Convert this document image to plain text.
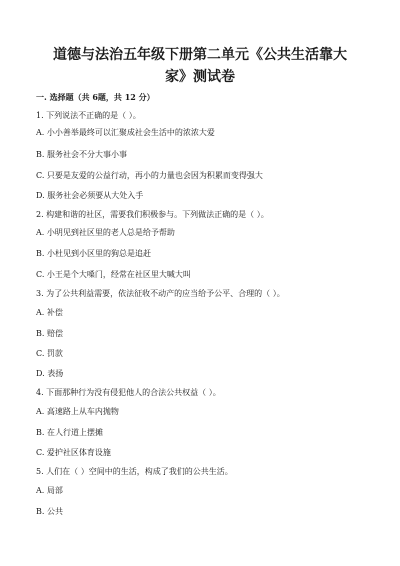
道德与法治五年级下册第二单元《公共生活靠大
家》测试卷
一. 选择题（共 6题，共 12 分）
1. 下列说法不正确的是（ ）。
A. 小小善举最终可以汇聚成社会生活中的浓浓大爱
B. 服务社会不分大事小事
C. 只要是友爱的公益行动，再小的力量也会因为积累而变得强大
D. 服务社会必须要从大处入手
2. 构建和谐的社区，需要我们积极参与。下列做法正确的是（ ）。
A. 小明见到社区里的老人总是给予帮助
B. 小杜见到小区里的狗总是追赶
C. 小王是个大嗓门，经常在社区里大喊大叫
3. 为了公共利益需要，依法征收不动产的应当给予公平、合理的（ ）。
A. 补偿
B. 赔偿
C. 罚款
D. 表扬
4. 下面那种行为没有侵犯他人的合法公共权益（ ）。
A. 高速路上从车内抛物
B. 在人行道上摆摊
C. 爱护社区体育设施
5. 人们在（ ）空间中的生活，构成了我们的公共生活。
A. 局部
B. 公共
